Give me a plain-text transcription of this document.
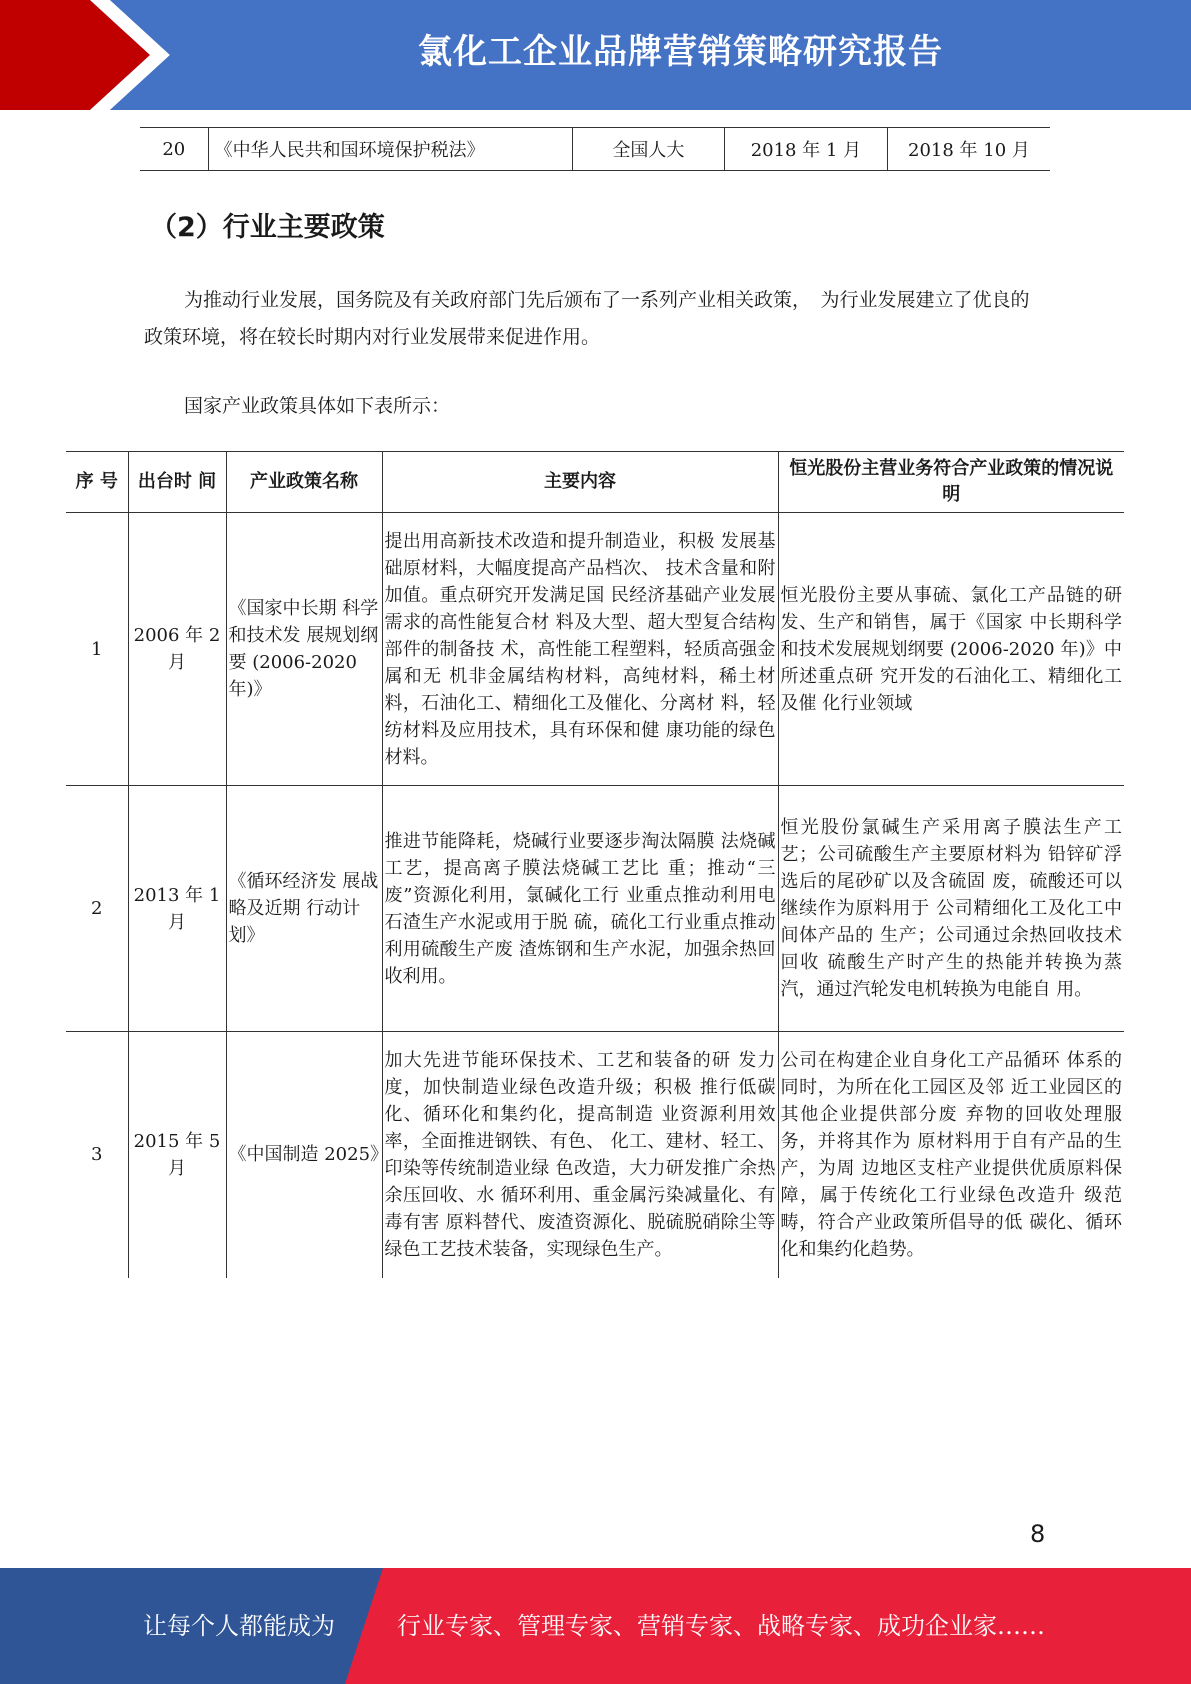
氯化工企业品牌营销策略研究报告
20	《中华人民共和国环境保护税法》	全国人大	2018 年 1 月	2018 年 10 月
（2）行业主要政策

为推动行业发展，国务院及有关政府部门先后颁布了一系列产业相关政策，　为行业发展建立了优良的政策环境，将在较长时期内对行业发展带来促进作用。

国家产业政策具体如下表所示：

序 号	出台时 间	产业政策名称	主要内容	恒光股份主营业务符合产业政策的情况说明
1	2006 年 2 月	《国家中长期 科学和技术发 展规划纲要 (2006-2020 年)》	提出用高新技术改造和提升制造业，积极 发展基础原材料，大幅度提高产品档次、 技术含量和附加值。重点研究开发满足国 民经济基础产业发展需求的高性能复合材 料及大型、超大型复合结构部件的制备技 术，高性能工程塑料，轻质高强金属和无 机非金属结构材料，高纯材料，稀土材 料，石油化工、精细化工及催化、分离材 料，轻纺材料及应用技术，具有环保和健 康功能的绿色材料。	恒光股份主要从事硫、氯化工产品链的研发、生产和销售，属于《国家 中长期科学和技术发展规划纲要 (2006-2020 年)》中所述重点研 究开发的石油化工、精细化工及催 化行业领域
2	2013 年 1 月	《循环经济发 展战略及近期 行动计划》	推进节能降耗，烧碱行业要逐步淘汰隔膜 法烧碱工艺，提高离子膜法烧碱工艺比 重；推动“三废”资源化利用，氯碱化工行 业重点推动利用电石渣生产水泥或用于脱 硫，硫化工行业重点推动利用硫酸生产废 渣炼钢和生产水泥，加强余热回收利用。	恒光股份氯碱生产采用离子膜法生产工艺；公司硫酸生产主要原材料为 铅锌矿浮选后的尾砂矿以及含硫固 废，硫酸还可以继续作为原料用于 公司精细化工及化工中间体产品的 生产；公司通过余热回收技术回收 硫酸生产时产生的热能并转换为蒸 汽，通过汽轮发电机转换为电能自 用。
3	2015 年 5 月	《中国制造 2025》	加大先进节能环保技术、工艺和装备的研 发力度，加快制造业绿色改造升级；积极 推行低碳化、循环化和集约化，提高制造 业资源利用效率，全面推进钢铁、有色、 化工、建材、轻工、印染等传统制造业绿 色改造，大力研发推广余热余压回收、水 循环利用、重金属污染减量化、有毒有害 原料替代、废渣资源化、脱硫脱硝除尘等 绿色工艺技术装备，实现绿色生产。	公司在构建企业自身化工产品循环 体系的同时，为所在化工园区及邻 近工业园区的其他企业提供部分废 弃物的回收处理服务，并将其作为 原材料用于自有产品的生产，为周 边地区支柱产业提供优质原料保 障，属于传统化工行业绿色改造升 级范畴，符合产业政策所倡导的低 碳化、循环化和集约化趋势。
8
让每个人都能成为	行业专家、管理专家、营销专家、战略专家、成功企业家……
